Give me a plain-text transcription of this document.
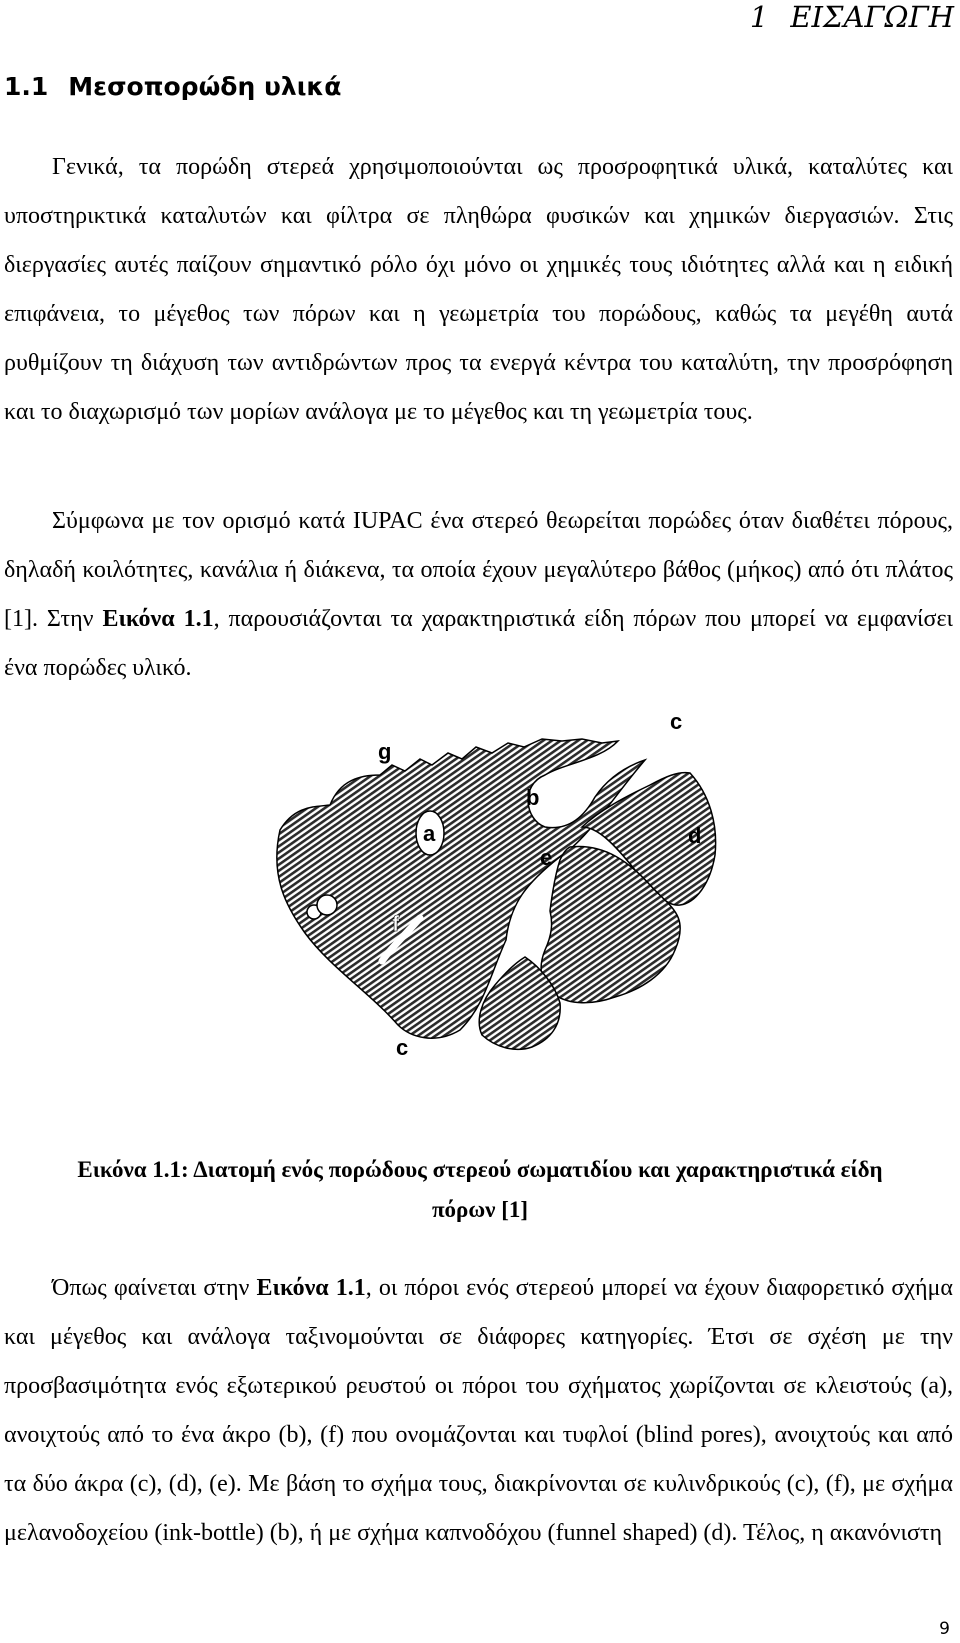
1 ΕΙΣΑΓΩΓΗ
1.1 Μεσοπορώδη υλικά
Γενικά, τα πορώδη στερεά χρησιμοποιούνται ως προσροφητικά υλικά, καταλύτες και υποστηρικτικά καταλυτών και φίλτρα σε πληθώρα φυσικών και χημικών διεργασιών. Στις διεργασίες αυτές παίζουν σημαντικό ρόλο όχι μόνο οι χημικές τους ιδιότητες αλλά και η ειδική επιφάνεια, το μέγεθος των πόρων και η γεωμετρία του πορώδους, καθώς τα μεγέθη αυτά ρυθμίζουν τη διάχυση των αντιδρώντων προς τα ενεργά κέντρα του καταλύτη, την προσρόφηση και το διαχωρισμό των μορίων ανάλογα με το μέγεθος και τη γεωμετρία τους.
Σύμφωνα με τον ορισμό κατά IUPAC ένα στερεό θεωρείται πορώδες όταν διαθέτει πόρους, δηλαδή κοιλότητες, κανάλια ή διάκενα, τα οποία έχουν μεγαλύτερο βάθος (μήκος) από ότι πλάτος [1]. Στην Εικόνα 1.1, παρουσιάζονται τα χαρακτηριστικά είδη πόρων που μπορεί να εμφανίσει ένα πορώδες υλικό.
g
c
b
a	d
e
f
c
Εικόνα 1.1: Διατομή ενός πορώδους στερεού σωματιδίου και χαρακτηριστικά είδη
πόρων [1]
Όπως φαίνεται στην Εικόνα 1.1, οι πόροι ενός στερεού μπορεί να έχουν διαφορετικό σχήμα και μέγεθος και ανάλογα ταξινομούνται σε διάφορες κατηγορίες. Έτσι σε σχέση με την προσβασιμότητα ενός εξωτερικού ρευστού οι πόροι του σχήματος χωρίζονται σε κλειστούς (a), ανοιχτούς από το ένα άκρο (b), (f) που ονομάζονται και τυφλοί (blind pores), ανοιχτούς και από τα δύο άκρα (c), (d), (e). Με βάση το σχήμα τους, διακρίνονται σε κυλινδρικούς (c), (f), με σχήμα μελανοδοχείου (ink-bottle) (b), ή με σχήμα καπνοδόχου (funnel shaped) (d). Τέλος, η ακανόνιστη
9
